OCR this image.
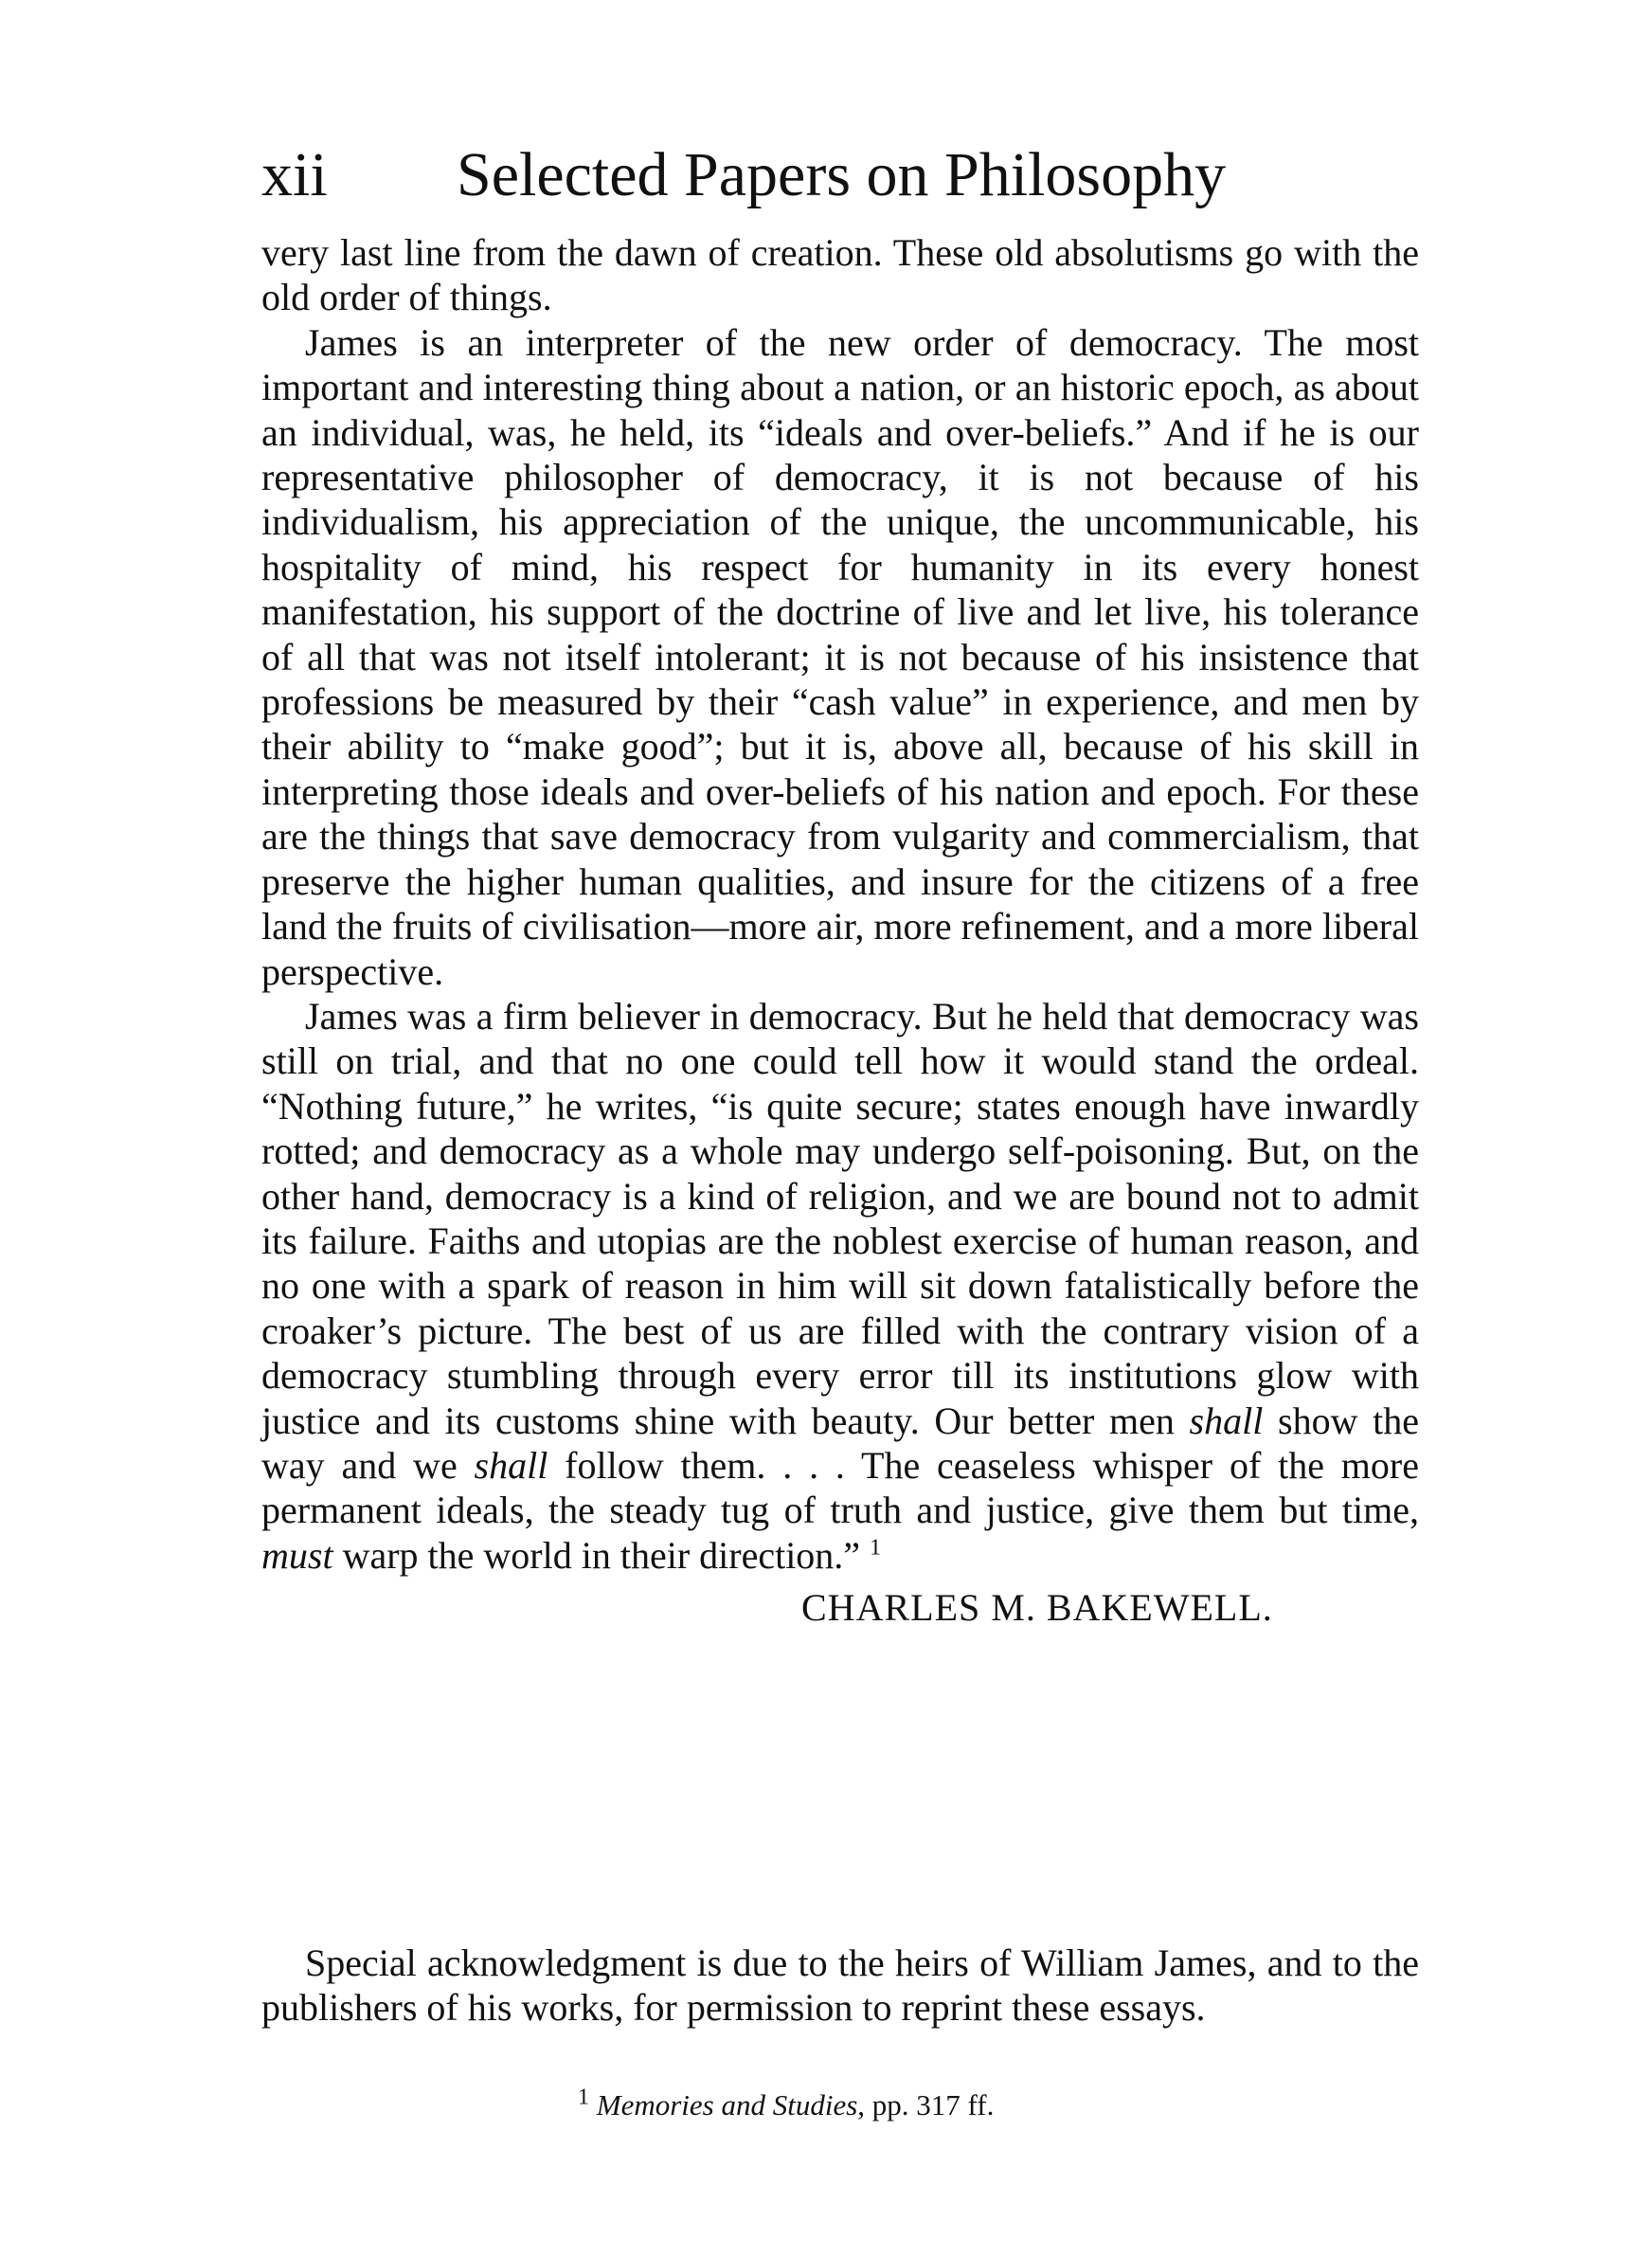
xii Selected Papers on Philosophy

very last line from the dawn of creation. These old absolutisms go with the old order of things.

James is an interpreter of the new order of democracy. The most important and interesting thing about a nation, or an historic epoch, as about an individual, was, he held, its “ideals and over-beliefs.” And if he is our representative philosopher of democracy, it is not because of his individualism, his appreciation of the unique, the uncommunicable, his hospitality of mind, his respect for humanity in its every honest manifestation, his support of the doctrine of live and let live, his tolerance of all that was not itself intolerant; it is not because of his insistence that professions be measured by their “cash value” in experience, and men by their ability to “make good”; but it is, above all, because of his skill in interpreting those ideals and over-beliefs of his nation and epoch. For these are the things that save democracy from vulgarity and commercialism, that preserve the higher human qualities, and insure for the citizens of a free land the fruits of civilisation—more air, more refinement, and a more liberal perspective.

James was a firm believer in democracy. But he held that democracy was still on trial, and that no one could tell how it would stand the ordeal. “Nothing future,” he writes, “is quite secure; states enough have inwardly rotted; and democracy as a whole may undergo self-poisoning. But, on the other hand, democracy is a kind of religion, and we are bound not to admit its failure. Faiths and utopias are the noblest exercise of human reason, and no one with a spark of reason in him will sit down fatalistically before the croaker’s picture. The best of us are filled with the contrary vision of a democracy stumbling through every error till its institutions glow with justice and its customs shine with beauty. Our better men shall show the way and we shall follow them. . . . The ceaseless whisper of the more permanent ideals, the steady tug of truth and justice, give them but time, must warp the world in their direction.” $^1$

CHARLES M. BAKEWELL.

Special acknowledgment is due to the heirs of William James, and to the publishers of his works, for permission to reprint these essays.

$^1$ Memories and Studies, pp. 317 ff.
